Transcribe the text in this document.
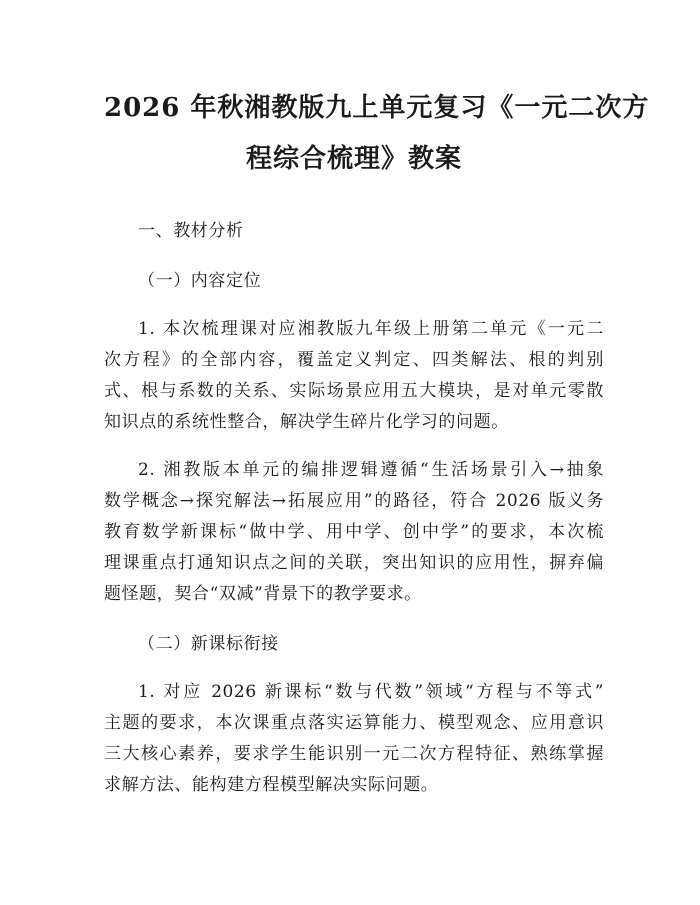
2026 年秋湘教版九上单元复习《一元二次方
程综合梳理》教案

一、教材分析

（一）内容定位

1. 本次梳理课对应湘教版九年级上册第二单元《一元二
次方程》的全部内容，覆盖定义判定、四类解法、根的判别
式、根与系数的关系、实际场景应用五大模块，是对单元零散
知识点的系统性整合，解决学生碎片化学习的问题。

2. 湘教版本单元的编排逻辑遵循“生活场景引入→抽象
数学概念→探究解法→拓展应用”的路径，符合 2026 版义务
教育数学新课标“做中学、用中学、创中学”的要求，本次梳
理课重点打通知识点之间的关联，突出知识的应用性，摒弃偏
题怪题，契合“双减”背景下的教学要求。

（二）新课标衔接

1. 对应 2026 新课标“数与代数”领域“方程与不等式”
主题的要求，本次课重点落实运算能力、模型观念、应用意识
三大核心素养，要求学生能识别一元二次方程特征、熟练掌握
求解方法、能构建方程模型解决实际问题。
